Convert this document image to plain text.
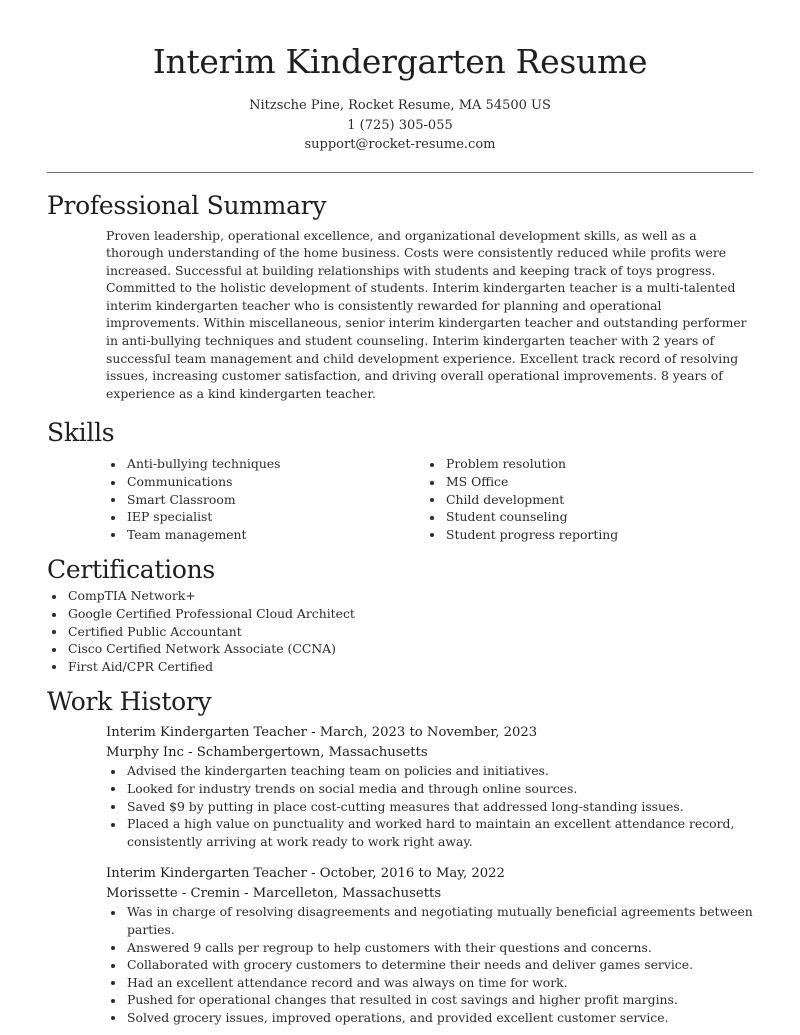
Interim Kindergarten Resume
Nitzsche Pine, Rocket Resume, MA 54500 US
1 (725) 305-055
support@rocket-resume.com
Professional Summary

Proven leadership, operational excellence, and organizational development skills, as well as a thorough understanding of the home business. Costs were consistently reduced while profits were increased. Successful at building relationships with students and keeping track of toys progress. Committed to the holistic development of students. Interim kindergarten teacher is a multi-talented interim kindergarten teacher who is consistently rewarded for planning and operational improvements. Within miscellaneous, senior interim kindergarten teacher and outstanding performer in anti-bullying techniques and student counseling. Interim kindergarten teacher with 2 years of successful team management and child development experience. Excellent track record of resolving issues, increasing customer satisfaction, and driving overall operational improvements. 8 years of experience as a kind kindergarten teacher.

Skills
Anti-bullying techniques
Communications
Smart Classroom
IEP specialist
Team management
Problem resolution
MS Office
Child development
Student counseling
Student progress reporting
Certifications
CompTIA Network+
Google Certified Professional Cloud Architect
Certified Public Accountant
Cisco Certified Network Associate (CCNA)
First Aid/CPR Certified
Work History
Interim Kindergarten Teacher - March, 2023 to November, 2023
Murphy Inc - Schambergertown, Massachusetts
Advised the kindergarten teaching team on policies and initiatives.
Looked for industry trends on social media and through online sources.
Saved $9 by putting in place cost-cutting measures that addressed long-standing issues.
Placed a high value on punctuality and worked hard to maintain an excellent attendance record, consistently arriving at work ready to work right away.
Interim Kindergarten Teacher - October, 2016 to May, 2022
Morissette - Cremin - Marcelleton, Massachusetts
Was in charge of resolving disagreements and negotiating mutually beneficial agreements between parties.
Answered 9 calls per regroup to help customers with their questions and concerns.
Collaborated with grocery customers to determine their needs and deliver games service.
Had an excellent attendance record and was always on time for work.
Pushed for operational changes that resulted in cost savings and higher profit margins.
Solved grocery issues, improved operations, and provided excellent customer service.
